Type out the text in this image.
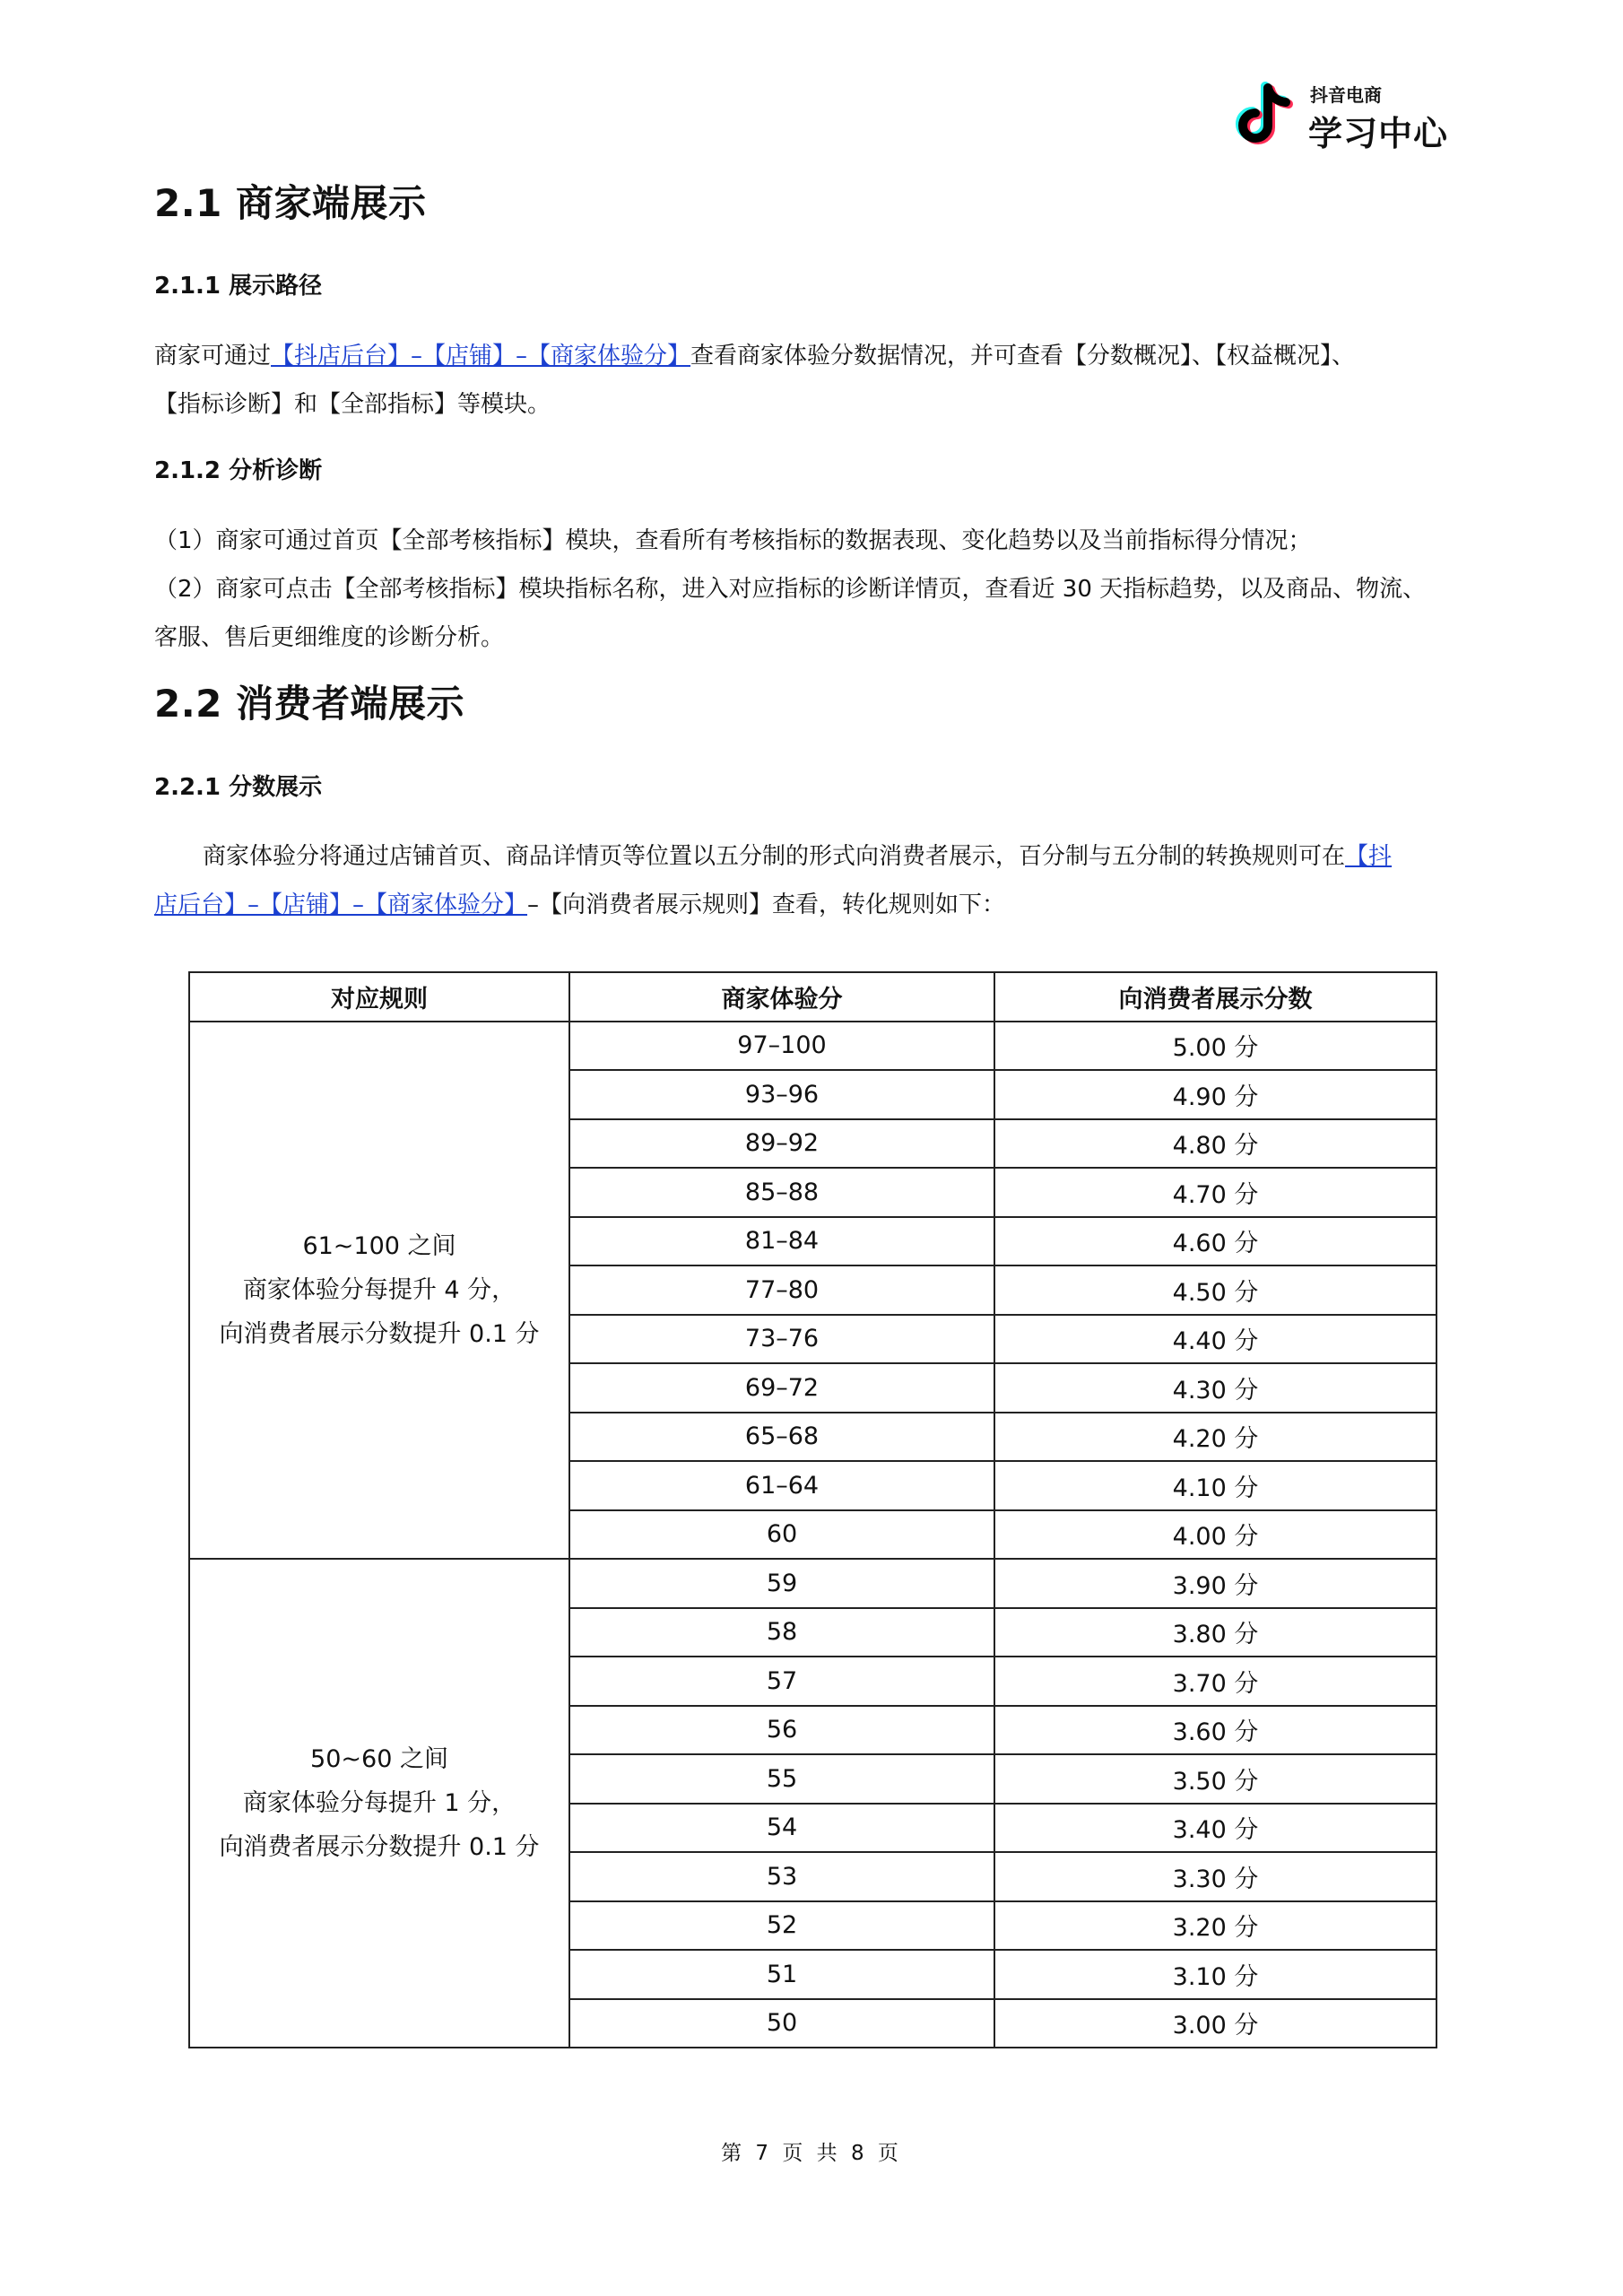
抖音电商
学习中心
2.1 商家端展示
2.1.1 展示路径
商家可通过【抖店后台】–【店铺】–【商家体验分】查看商家体验分数据情况，并可查看【分数概况】、【权益概况】、
【指标诊断】和【全部指标】等模块。
2.1.2 分析诊断
（1）商家可通过首页【全部考核指标】模块，查看所有考核指标的数据表现、变化趋势以及当前指标得分情况；
（2）商家可点击【全部考核指标】模块指标名称，进入对应指标的诊断详情页，查看近 30 天指标趋势，以及商品、物流、
客服、售后更细维度的诊断分析。
2.2 消费者端展示
2.2.1 分数展示
商家体验分将通过店铺首页、商品详情页等位置以五分制的形式向消费者展示，百分制与五分制的转换规则可在【抖
店后台】–【店铺】–【商家体验分】–【向消费者展示规则】查看，转化规则如下：
对应规则	商家体验分	向消费者展示分数

61~100 之间
商家体验分每提升 4 分，
向消费者展示分数提升 0.1 分	97–100	5.00 分
	93–96	4.90 分
	89–92	4.80 分
	85–88	4.70 分
	81–84	4.60 分
	77–80	4.50 分
	73–76	4.40 分
	69–72	4.30 分
	65–68	4.20 分
	61–64	4.10 分
	60	4.00 分

50~60 之间
商家体验分每提升 1 分，
向消费者展示分数提升 0.1 分	59	3.90 分
	58	3.80 分
	57	3.70 分
	56	3.60 分
	55	3.50 分
	54	3.40 分
	53	3.30 分
	52	3.20 分
	51	3.10 分
	50	3.00 分
第 7 页 共 8 页
